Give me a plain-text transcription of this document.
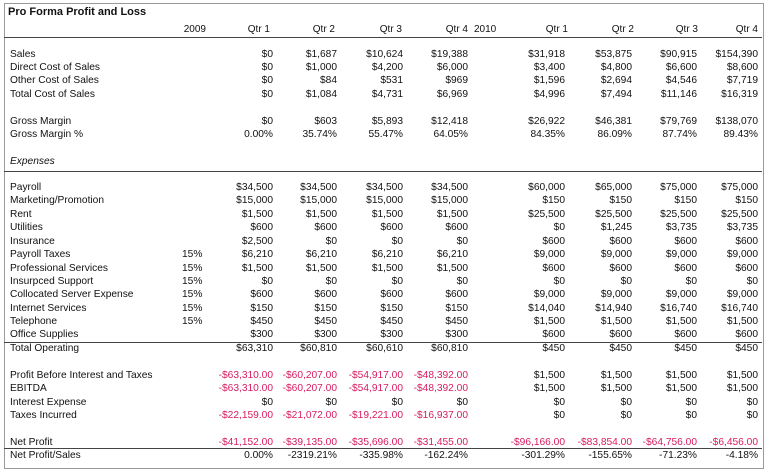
Pro Forma Profit and Loss
2009	Qtr 1	Qtr 2	Qtr 3	Qtr 4 2010	Qtr 1	Qtr 2	Qtr 3	Qtr 4
Expenses
Sales	$0	$1,687	$10,624	$19,388	$31,918	$53,875	$90,915 $154,390
Direct Cost of Sales	$0	$1,000	$4,200	$6,000	$3,400	$4,800	$6,600	$8,600
Other Cost of Sales	$0	$84	$531	$969	$1,596	$2,694	$4,546	$7,719
Total Cost of Sales	$0	$1,084	$4,731	$6,969	$4,996	$7,494	$11,146 $16,319
Gross Margin	$0	$603	$5,893	$12,418	$26,922	$46,381	$79,769 $138,070
Gross Margin %	0.00%	35.74%	55.47%	64.05%	84.35%	86.09%	87.74%	89.43%
Payroll	$34,500	$34,500	$34,500	$34,500	$60,000	$65,000	$75,000 $75,000
Marketing/Promotion	$15,000	$15,000	$15,000	$15,000	$150	$150	$150	$150
Rent	$1,500	$1,500	$1,500	$1,500	$25,500	$25,500	$25,500 $25,500
Utilities	$600	$600	$600	$600	$0	$1,245	$3,735	$3,735
Insurance	$2,500	$0	$0	$0	$600	$600	$600	$600
Payroll Taxes	15%	$6,210	$6,210	$6,210	$6,210	$9,000	$9,000	$9,000	$9,000
Professional Services	15%	$1,500	$1,500	$1,500	$1,500	$600	$600	$600	$600
Insurpced Support	15%	$0	$0	$0	$0	$0	$0	$0	$0
Collocated Server Expense	15%	$600	$600	$600	$600	$9,000	$9,000	$9,000	$9,000
Internet Services	15%	$150	$150	$150	$150	$14,040	$14,940	$16,740 $16,740
Telephone	15%	$450	$450	$450	$450	$1,500	$1,500	$1,500	$1,500
Office Supplies	$300	$300	$300	$300	$600	$600	$600	$600
Total Operating	$63,310	$60,810	$60,610	$60,810	$450	$450	$450	$450
Profit Before Interest and Taxes	-$63,310.00 -$60,207.00 -$54,917.00 -$48,392.00	$1,500	$1,500	$1,500	$1,500
EBITDA	-$63,310.00 -$60,207.00 -$54,917.00 -$48,392.00	$1,500	$1,500	$1,500	$1,500
Interest Expense	$0	$0	$0	$0	$0	$0	$0	$0
Taxes Incurred	-$22,159.00 -$21,072.00 -$19,221.00 -$16,937.00	$0	$0	$0	$0
Net Profit	-$41,152.00 -$39,135.00 -$35,696.00 -$31,455.00	-$96,166.00 -$83,854.00 -$64,756.00 -$6,456.00
Net Profit/Sales	0.00% -2319.21% -335.98% -162.24%	-301.29% -155.65%	-71.23%	-4.18%
